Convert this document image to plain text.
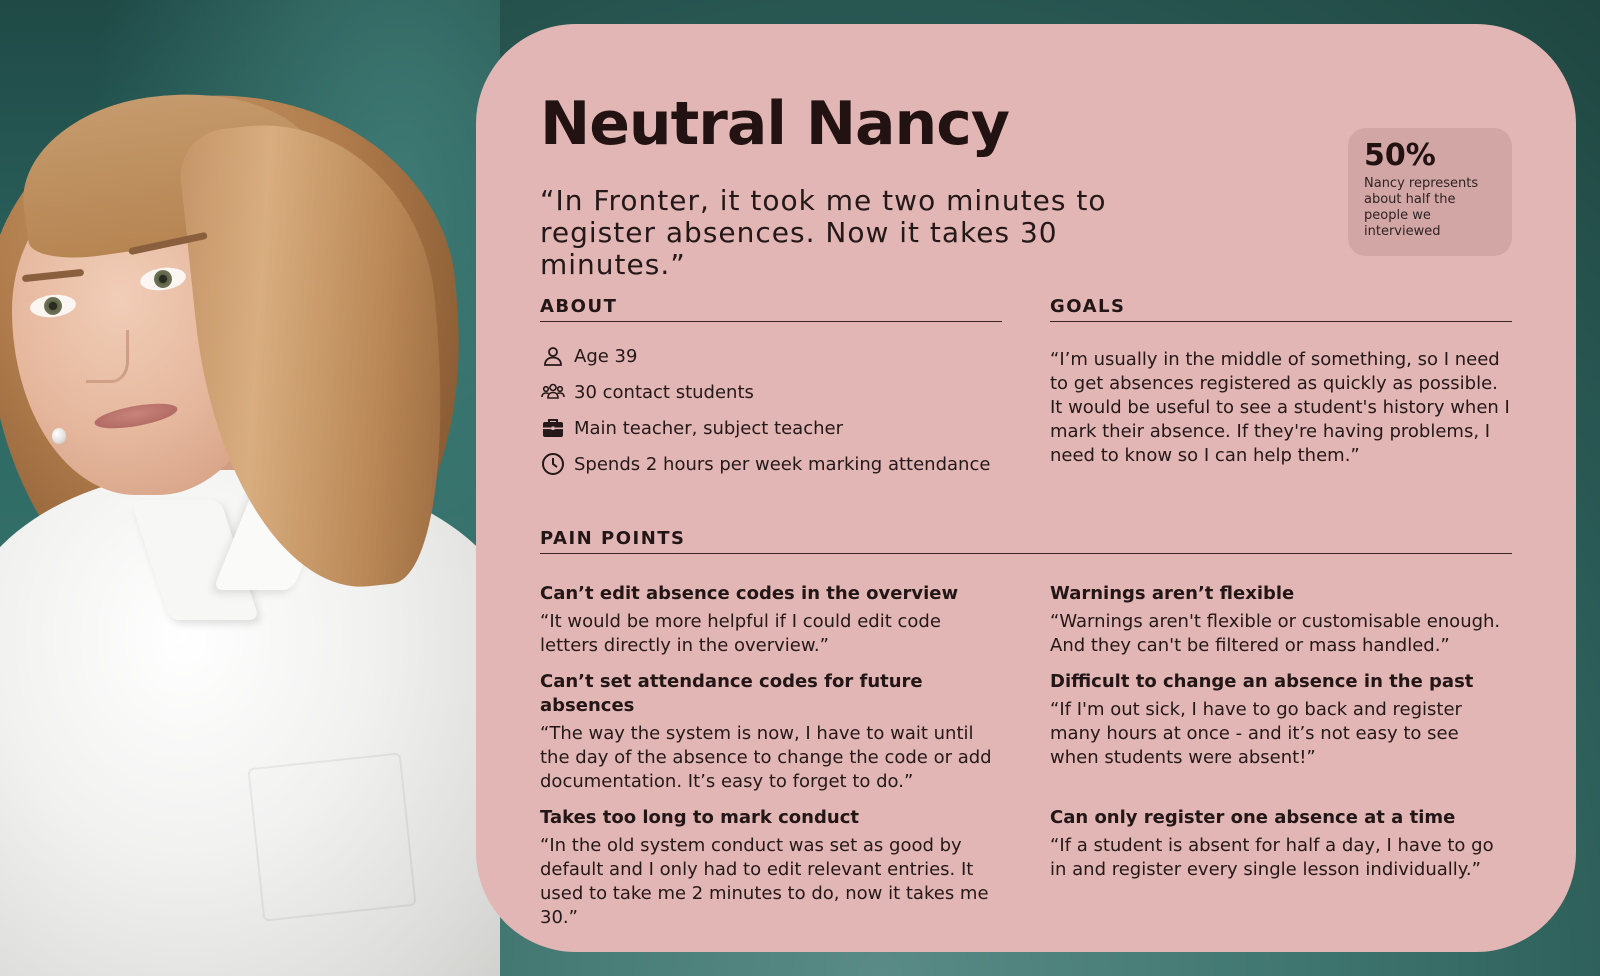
Neutral Nancy
“In Fronter, it took me two minutes to register absences. Now it takes 30 minutes.”
50%
Nancy represents about half the people we interviewed
ABOUT
Age 39
30 contact students
Main teacher, subject teacher
Spends 2 hours per week marking attendance
GOALS
“I’m usually in the middle of something, so I need to get absences registered as quickly as possible. It would be useful to see a student's history when I mark their absence. If they're having problems, I need to know so I can help them.”
PAIN POINTS
Can’t edit absence codes in the overview
“It would be more helpful if I could edit code letters directly in the overview.”
Warnings aren’t flexible
“Warnings aren't flexible or customisable enough. And they can't be filtered or mass handled.”
Can’t set attendance codes for future absences
“The way the system is now, I have to wait until the day of the absence to change the code or add documentation. It’s easy to forget to do.”
Difficult to change an absence in the past
“If I'm out sick, I have to go back and register many hours at once - and it’s not easy to see when students were absent!”
Takes too long to mark conduct
“In the old system conduct was set as good by default and I only had to edit relevant entries. It used to take me 2 minutes to do, now it takes me 30.”
Can only register one absence at a time
“If a student is absent for half a day, I have to go in and register every single lesson individually.”
